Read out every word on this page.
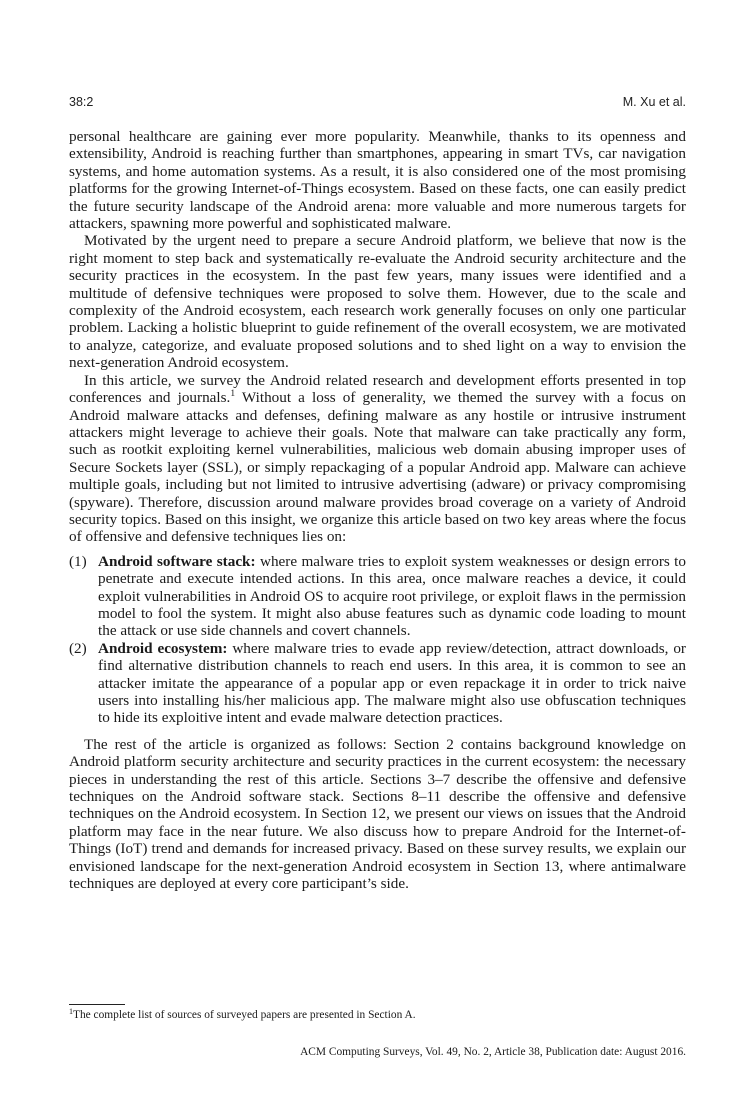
38:2	M. Xu et al.

personal healthcare are gaining ever more popularity. Meanwhile, thanks to its openness and extensibility, Android is reaching further than smartphones, appearing in smart TVs, car navigation systems, and home automation systems. As a result, it is also considered one of the most promising platforms for the growing Internet-of-Things ecosystem. Based on these facts, one can easily predict the future security landscape of the Android arena: more valuable and more numerous targets for attackers, spawning more powerful and sophisticated malware.

Motivated by the urgent need to prepare a secure Android platform, we believe that now is the right moment to step back and systematically re-evaluate the Android security architecture and the security practices in the ecosystem. In the past few years, many issues were identified and a multitude of defensive techniques were proposed to solve them. However, due to the scale and complexity of the Android ecosystem, each research work generally focuses on only one particular problem. Lacking a holistic blueprint to guide refinement of the overall ecosystem, we are motivated to analyze, categorize, and evaluate proposed solutions and to shed light on a way to envision the next-generation Android ecosystem.

In this article, we survey the Android related research and development efforts presented in top conferences and journals.$^1$ Without a loss of generality, we themed the survey with a focus on Android malware attacks and defenses, defining malware as any hostile or intrusive instrument attackers might leverage to achieve their goals. Note that malware can take practically any form, such as rootkit exploiting kernel vulnerabilities, malicious web domain abusing improper uses of Secure Sockets layer (SSL), or simply repackaging of a popular Android app. Malware can achieve multiple goals, including but not limited to intrusive advertising (adware) or privacy compromising (spyware). Therefore, discussion around malware provides broad coverage on a variety of Android security topics. Based on this insight, we organize this article based on two key areas where the focus of offensive and defensive techniques lies on:

(1) Android software stack: where malware tries to exploit system weaknesses or design errors to penetrate and execute intended actions. In this area, once malware reaches a device, it could exploit vulnerabilities in Android OS to acquire root privilege, or exploit flaws in the permission model to fool the system. It might also abuse features such as dynamic code loading to mount the attack or use side channels and covert channels.
(2) Android ecosystem: where malware tries to evade app review/detection, attract downloads, or find alternative distribution channels to reach end users. In this area, it is common to see an attacker imitate the appearance of a popular app or even repackage it in order to trick naive users into installing his/her malicious app. The malware might also use obfuscation techniques to hide its exploitive intent and evade malware detection practices.

The rest of the article is organized as follows: Section 2 contains background knowledge on Android platform security architecture and security practices in the current ecosystem: the necessary pieces in understanding the rest of this article. Sections 3–7 describe the offensive and defensive techniques on the Android software stack. Sections 8–11 describe the offensive and defensive techniques on the Android ecosystem. In Section 12, we present our views on issues that the Android platform may face in the near future. We also discuss how to prepare Android for the Internet-of-Things (IoT) trend and demands for increased privacy. Based on these survey results, we explain our envisioned landscape for the next-generation Android ecosystem in Section 13, where antimalware techniques are deployed at every core participant’s side.

$^1$The complete list of sources of surveyed papers are presented in Section A.
ACM Computing Surveys, Vol. 49, No. 2, Article 38, Publication date: August 2016.
